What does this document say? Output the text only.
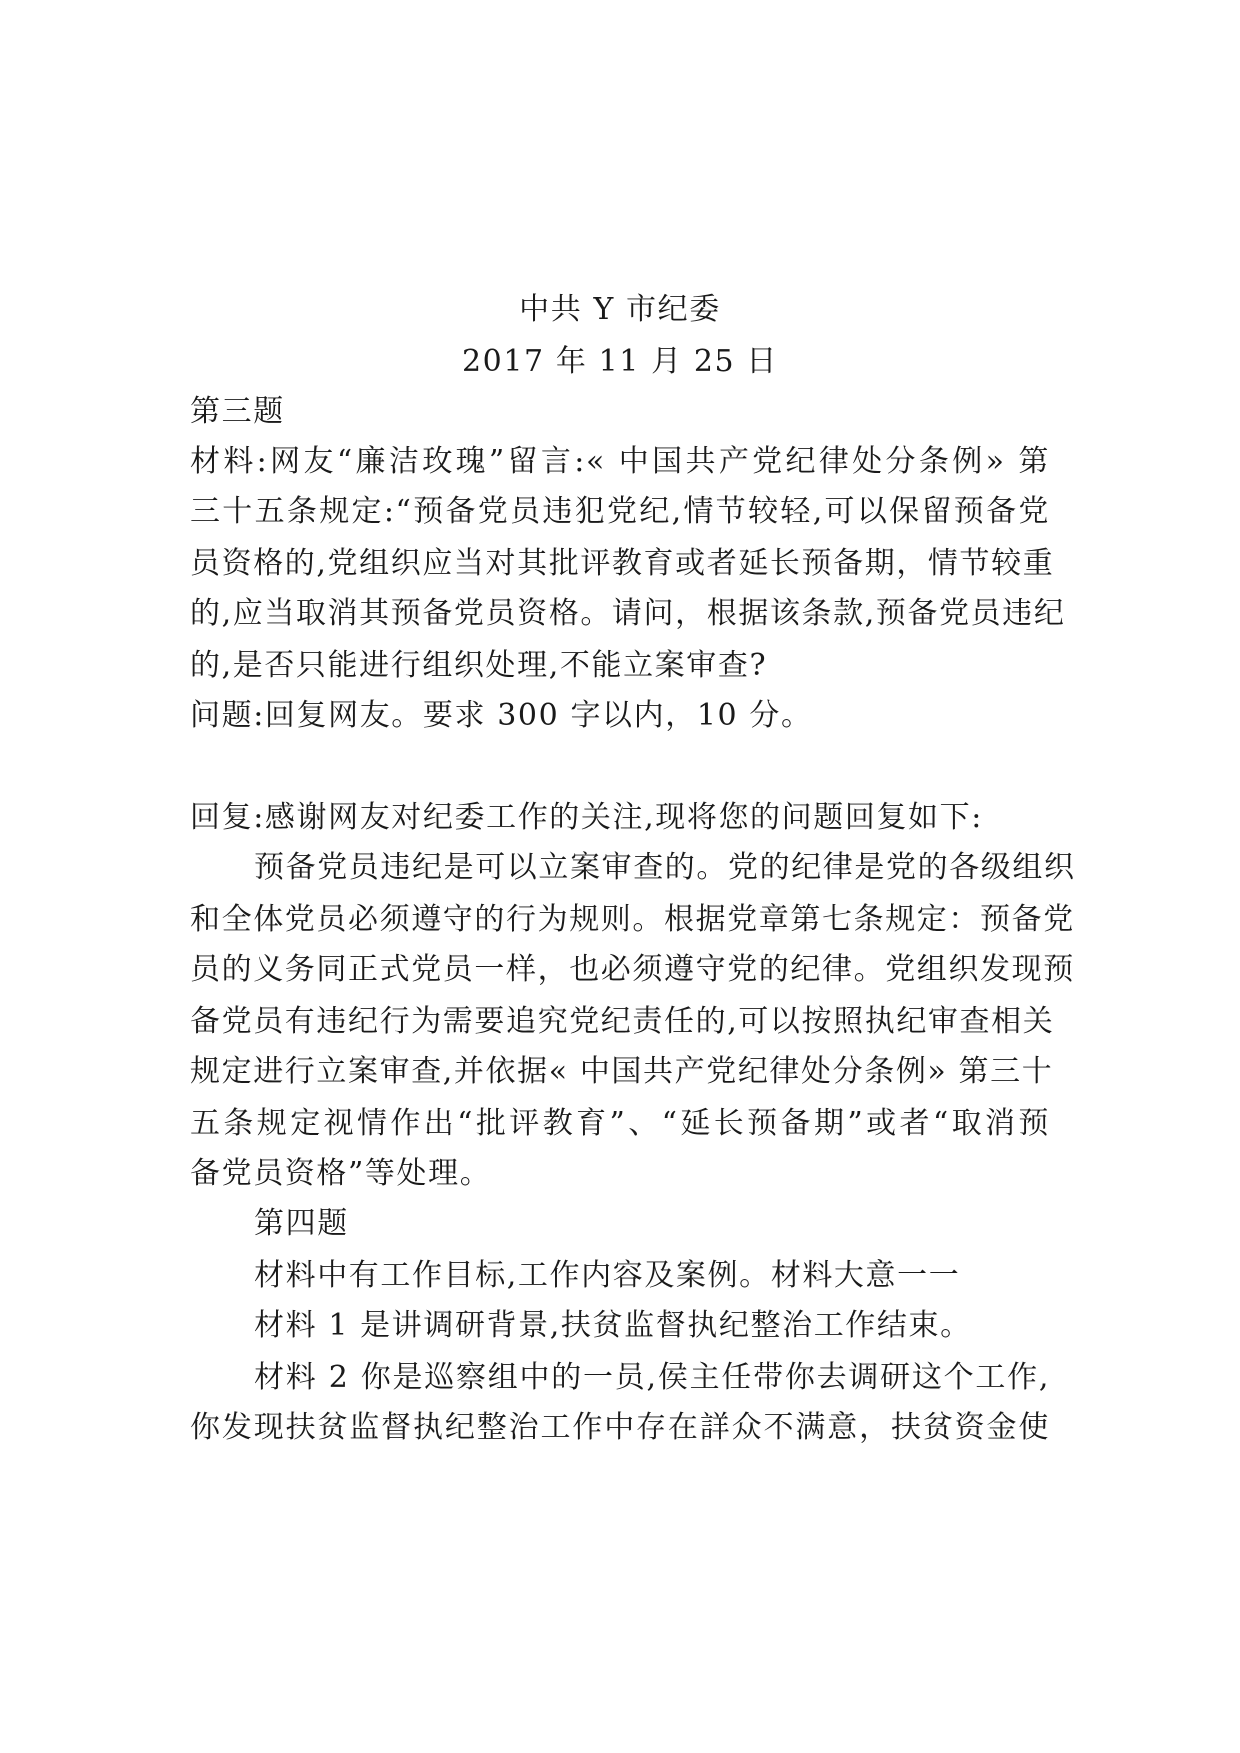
中共 Y 市纪委
2017 年 11 月 25 日
第三题
材料:网友“廉洁玫瑰”留言:« 中国共产党纪律处分条例» 第
三十五条规定:“预备党员违犯党纪,情节较轻,可以保留预备党
员资格的,党组织应当对其批评教育或者延长预备期，情节较重
的,应当取消其预备党员资格。请问，根据该条款,预备党员违纪
的,是否只能进行组织处理,不能立案审查?
问题:回复网友。要求 300 字以内，10 分。
回复:感谢网友对纪委工作的关注,现将您的问题回复如下:
预备党员违纪是可以立案审查的。党的纪律是党的各级组织
和全体党员必须遵守的行为规则。根据党章第七条规定：预备党
员的义务同正式党员一样，也必须遵守党的纪律。党组织发现预
备党员有违纪行为需要追究党纪责任的,可以按照执纪审查相关
规定进行立案审查,并依据« 中国共产党纪律处分条例» 第三十
五条规定视情作出“批评教育”、“延长预备期”或者“取消预
备党员资格”等处理。
第四题
材料中有工作目标,工作内容及案例。材料大意一一
材料 1 是讲调研背景,扶贫监督执纪整治工作结束。
材料 2 你是巡察组中的一员,侯主任带你去调研这个工作,
你发现扶贫监督执纪整治工作中存在詳众不满意，扶贫资金使
